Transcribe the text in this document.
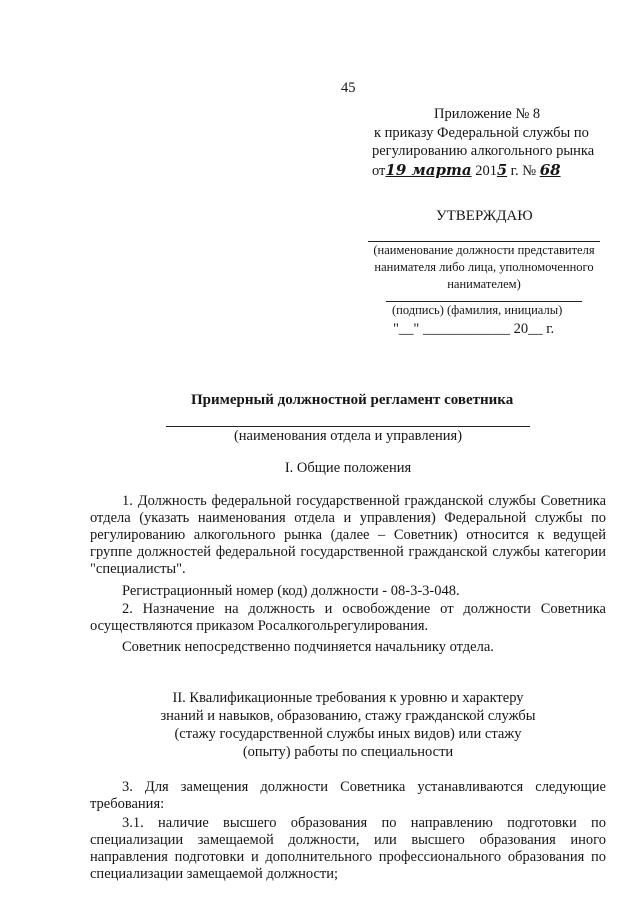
45
Приложение № 8
к приказу Федеральной службы по
регулированию алкогольного рынка
от19 марта 2015 г. № 68
УТВЕРЖДАЮ
(наименование должности представителя
нанимателя либо лица, уполномоченного
нанимателем)
(подпись) (фамилия, инициалы)
"__" ____________ 20__ г.
Примерный должностной регламент советника
(наименования отдела и управления)
I. Общие положения
1. Должность федеральной государственной гражданской службы Советника отдела (указать наименования отдела и управления) Федеральной службы по регулированию алкогольного рынка (далее – Советник) относится к ведущей группе должностей федеральной государственной гражданской службы категории "специалисты".
Регистрационный номер (код) должности - 08-3-3-048.
2. Назначение на должность и освобождение от должности Советника осуществляются приказом Росалкогольрегулирования.
Советник непосредственно подчиняется начальнику отдела.
II. Квалификационные требования к уровню и характеру
знаний и навыков, образованию, стажу гражданской службы
(стажу государственной службы иных видов) или стажу
(опыту) работы по специальности
3. Для замещения должности Советника устанавливаются следующие требования:
3.1. наличие высшего образования по направлению подготовки по специализации замещаемой должности, или высшего образования иного направления подготовки и дополнительного профессионального образования по специализации замещаемой должности;
